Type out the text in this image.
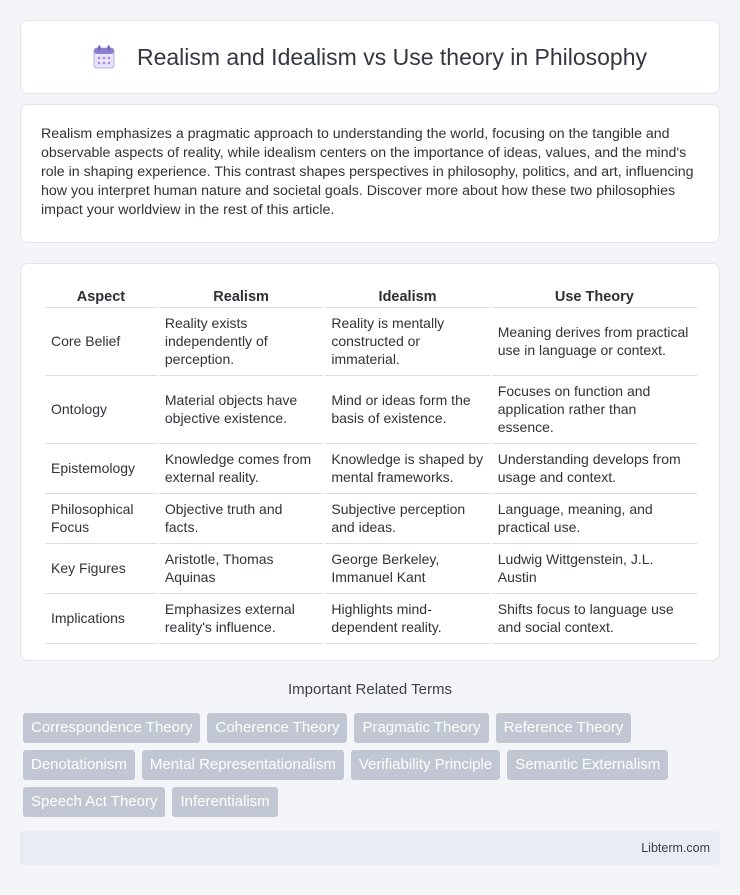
Realism and Idealism vs Use theory in Philosophy

Realism emphasizes a pragmatic approach to understanding the world, focusing on the tangible and observable aspects of reality, while idealism centers on the importance of ideas, values, and the mind's role in shaping experience. This contrast shapes perspectives in philosophy, politics, and art, influencing how you interpret human nature and societal goals. Discover more about how these two philosophies impact your worldview in the rest of this article.

Aspect	Realism	Idealism	Use Theory
Core Belief	Reality exists independently of perception.	Reality is mentally constructed or immaterial.	Meaning derives from practical use in language or context.
Ontology	Material objects have objective existence.	Mind or ideas form the basis of existence.	Focuses on function and application rather than essence.
Epistemology	Knowledge comes from external reality.	Knowledge is shaped by mental frameworks.	Understanding develops from usage and context.
Philosophical Focus	Objective truth and facts.	Subjective perception and ideas.	Language, meaning, and practical use.
Key Figures	Aristotle, Thomas Aquinas	George Berkeley, Immanuel Kant	Ludwig Wittgenstein, J.L. Austin
Implications	Emphasizes external reality's influence.	Highlights mind-dependent reality.	Shifts focus to language use and social context.
Important Related Terms
Correspondence Theory	Coherence Theory	Pragmatic Theory	Reference Theory
Denotationism	Mental Representationalism	Verifiability Principle	Semantic Externalism
Speech Act Theory	Inferentialism
Libterm.com
